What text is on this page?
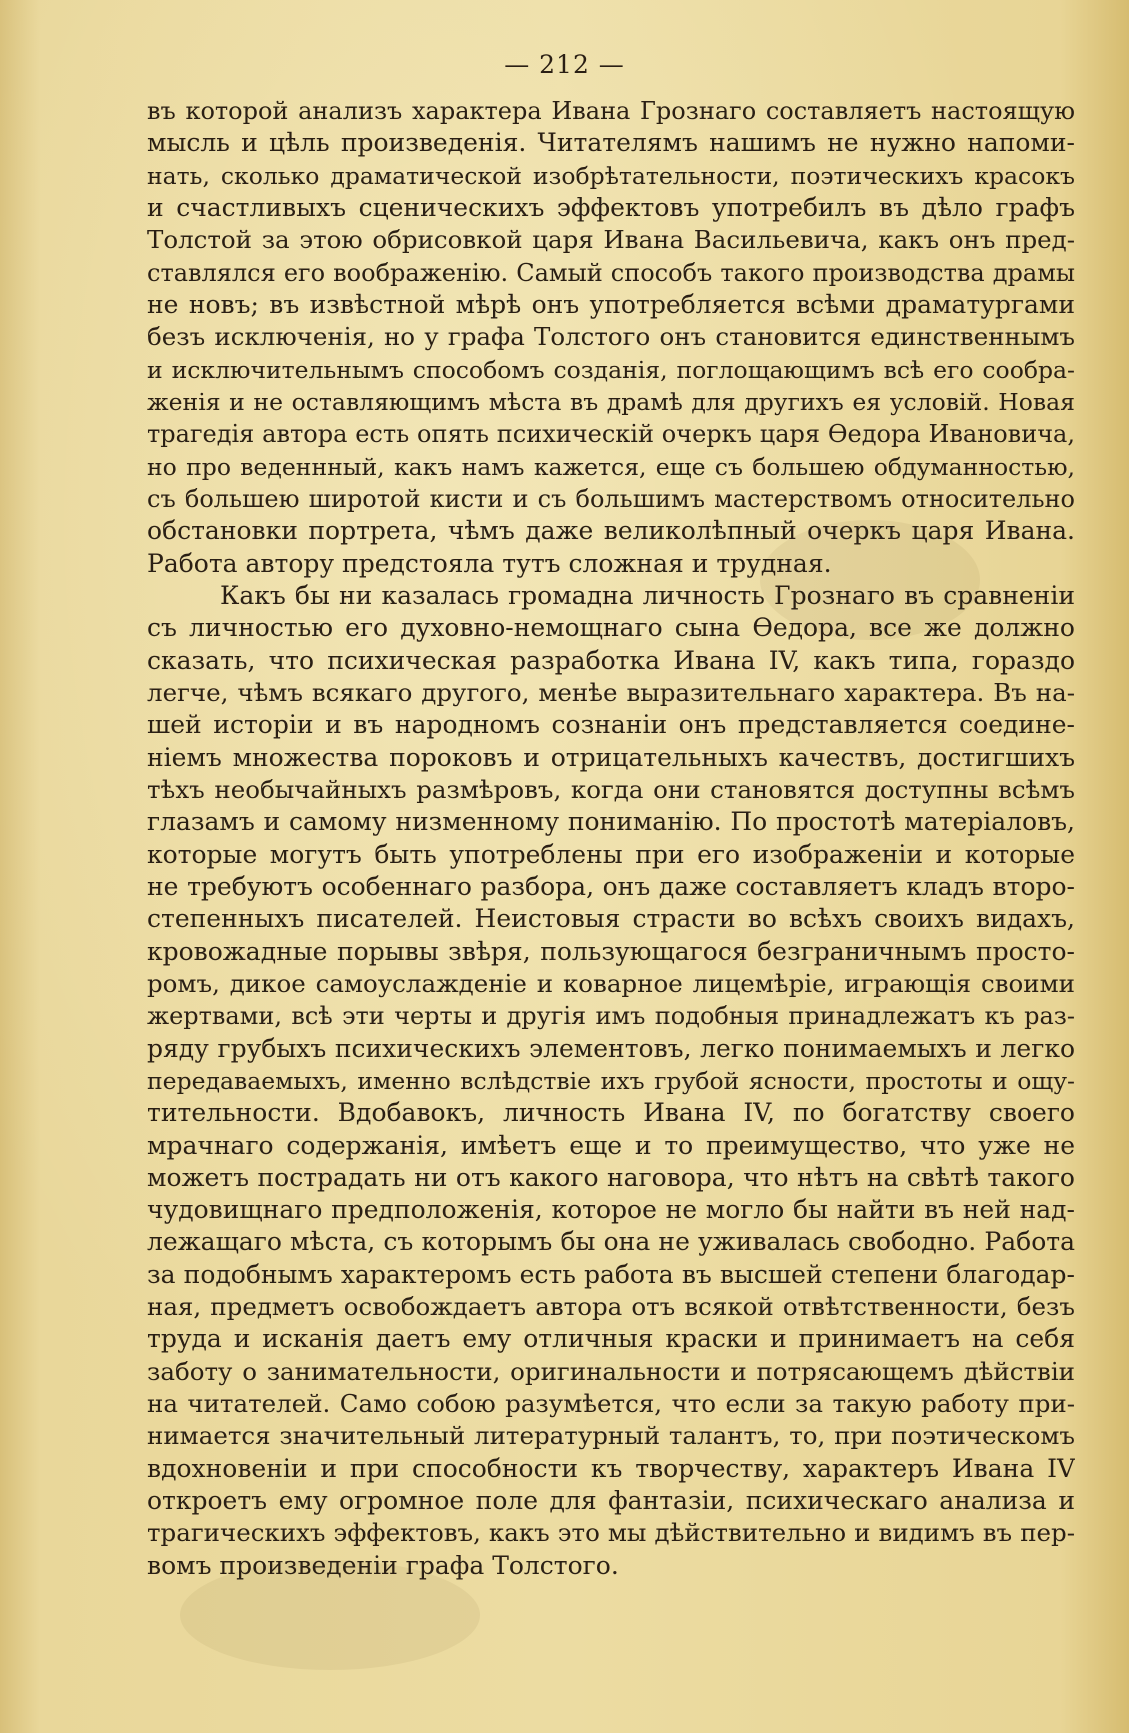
— 212 —
въ которой анализъ характера Ивана Грознаго составляетъ настоящую
мысль и цѣль произведенія. Читателямъ нашимъ не нужно напоми-
нать, сколько драматической изобрѣтательности, поэтическихъ красокъ
и счастливыхъ сценическихъ эффектовъ употребилъ въ дѣло графъ
Толстой за этою обрисовкой царя Ивана Васильевича, какъ онъ пред-
ставлялся его воображенію. Самый способъ такого производства драмы
не новъ; въ извѣстной мѣрѣ онъ употребляется всѣми драматургами
безъ исключенія, но у графа Толстого онъ становится единственнымъ
и исключительнымъ способомъ созданія, поглощающимъ всѣ его сообра-
женія и не оставляющимъ мѣста въ драмѣ для другихъ ея условій. Новая
трагедія автора есть опять психическій очеркъ царя Ѳедора Ивановича,
но про веденнный, какъ намъ кажется, еще съ большею обдуманностью,
съ большею широтой кисти и съ большимъ мастерствомъ относительно
обстановки портрета, чѣмъ даже великолѣпный очеркъ царя Ивана.
Работа автору предстояла тутъ сложная и трудная.
Какъ бы ни казалась громадна личность Грознаго въ сравненіи
съ личностью его духовно-немощнаго сына Ѳедора, все же должно
сказать, что психическая разработка Ивана IV, какъ типа, гораздо
легче, чѣмъ всякаго другого, менѣе выразительнаго характера. Въ на-
шей исторіи и въ народномъ сознаніи онъ представляется соедине-
ніемъ множества пороковъ и отрицательныхъ качествъ, достигшихъ
тѣхъ необычайныхъ размѣровъ, когда они становятся доступны всѣмъ
глазамъ и самому низменному пониманію. По простотѣ матеріаловъ,
которые могутъ быть употреблены при его изображеніи и которые
не требуютъ особеннаго разбора, онъ даже составляетъ кладъ второ-
степенныхъ писателей. Неистовыя страсти во всѣхъ своихъ видахъ,
кровожадные порывы звѣря, пользующагося безграничнымъ просто-
ромъ, дикое самоуслажденіе и коварное лицемѣріе, играющія своими
жертвами, всѣ эти черты и другія имъ подобныя принадлежатъ къ раз-
ряду грубыхъ психическихъ элементовъ, легко понимаемыхъ и легко
передаваемыхъ, именно вслѣдствіе ихъ грубой ясности, простоты и ощу-
тительности. Вдобавокъ, личность Ивана IV, по богатству своего
мрачнаго содержанія, имѣетъ еще и то преимущество, что уже не
можетъ пострадать ни отъ какого наговора, что нѣтъ на свѣтѣ такого
чудовищнаго предположенія, которое не могло бы найти въ ней над-
лежащаго мѣста, съ которымъ бы она не уживалась свободно. Работа
за подобнымъ характеромъ есть работа въ высшей степени благодар-
ная, предметъ освобождаетъ автора отъ всякой отвѣтственности, безъ
труда и исканія даетъ ему отличныя краски и принимаетъ на себя
заботу о занимательности, оригинальности и потрясающемъ дѣйствіи
на читателей. Само собою разумѣется, что если за такую работу при-
нимается значительный литературный талантъ, то, при поэтическомъ
вдохновеніи и при способности къ творчеству, характеръ Ивана IV
откроетъ ему огромное поле для фантазіи, психическаго анализа и
трагическихъ эффектовъ, какъ это мы дѣйствительно и видимъ въ пер-
вомъ произведеніи графа Толстого.
